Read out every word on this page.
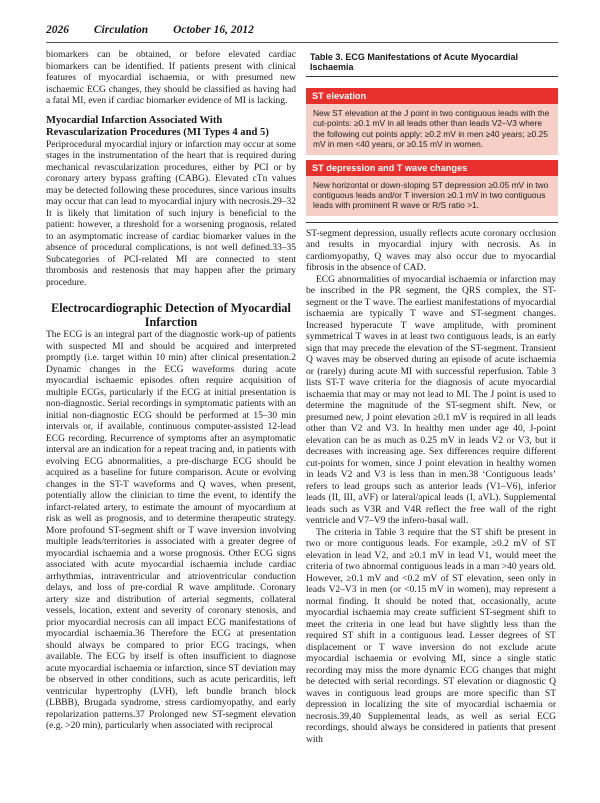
2026 Circulation October 16, 2012

biomarkers can be obtained, or before elevated cardiac biomarkers can be identified. If patients present with clinical features of myocardial ischaemia, or with presumed new ischaemic ECG changes, they should be classified as having had a fatal MI, even if cardiac biomarker evidence of MI is lacking.

Myocardial Infarction Associated With Revascularization Procedures (MI Types 4 and 5)

Periprocedural myocardial injury or infarction may occur at some stages in the instrumentation of the heart that is required during mechanical revascularization procedures, either by PCI or by coronary artery bypass grafting (CABG). Elevated cTn values may be detected following these procedures, since various insults may occur that can lead to myocardial injury with necrosis.29–32 It is likely that limitation of such injury is beneficial to the patient: however, a threshold for a worsening prognosis, related to an asymptomatic increase of cardiac biomarker values in the absence of procedural complications, is not well defined.33–35 Subcategories of PCI-related MI are connected to stent thrombosis and restenosis that may happen after the primary procedure.

Electrocardiographic Detection of Myocardial Infarction

The ECG is an integral part of the diagnostic work-up of patients with suspected MI and should be acquired and interpreted promptly (i.e. target within 10 min) after clinical presentation.2 Dynamic changes in the ECG waveforms during acute myocardial ischaemic episodes often require acquisition of multiple ECGs, particularly if the ECG at initial presentation is non-diagnostic. Serial recordings in symptomatic patients with an initial non-diagnostic ECG should be performed at 15–30 min intervals or, if available, continuous computer-assisted 12-lead ECG recording. Recurrence of symptoms after an asymptomatic interval are an indication for a repeat tracing and, in patients with evolving ECG abnormalities, a pre-discharge ECG should be acquired as a baseline for future comparison. Acute or evolving changes in the ST-T waveforms and Q waves, when present, potentially allow the clinician to time the event, to identify the infarct-related artery, to estimate the amount of myocardium at risk as well as prognosis, and to determine therapeutic strategy. More profound ST-segment shift or T wave inversion involving multiple leads/territories is associated with a greater degree of myocardial ischaemia and a worse prognosis. Other ECG signs associated with acute myocardial ischaemia include cardiac arrhythmias, intraventricular and atrioventricular conduction delays, and loss of pre-cordial R wave amplitude. Coronary artery size and distribution of arterial segments, collateral vessels, location, extent and severity of coronary stenosis, and prior myocardial necrosis can all impact ECG manifestations of myocardial ischaemia.36 Therefore the ECG at presentation should always be compared to prior ECG tracings, when available. The ECG by itself is often insufficient to diagnose acute myocardial ischaemia or infarction, since ST deviation may be observed in other conditions, such as acute pericarditis, left ventricular hypertrophy (LVH), left bundle branch block (LBBB), Brugada syndrome, stress cardiomyopathy, and early repolarization patterns.37 Prolonged new ST-segment elevation (e.g. >20 min), particularly when associated with reciprocal

Table 3. ECG Manifestations of Acute Myocardial Ischaemia
ST elevation
New ST elevation at the J point in two contiguous leads with the cut-points: ≥0.1 mV in all leads other than leads V2–V3 where the following cut points apply: ≥0.2 mV in men ≥40 years; ≥0.25 mV in men <40 years, or ≥0.15 mV in women.
ST depression and T wave changes
New horizontal or down-sloping ST depression ≥0.05 mV in two contiguous leads and/or T inversion ≥0.1 mV in two contiguous leads with prominent R wave or R/S ratio >1.

ST-segment depression, usually reflects acute coronary occlusion and results in myocardial injury with necrosis. As in cardiomyopathy, Q waves may also occur due to myocardial fibrosis in the absence of CAD.

ECG abnormalities of myocardial ischaemia or infarction may be inscribed in the PR segment, the QRS complex, the ST-segment or the T wave. The earliest manifestations of myocardial ischaemia are typically T wave and ST-segment changes. Increased hyperacute T wave amplitude, with prominent symmetrical T waves in at least two contiguous leads, is an early sign that may precede the elevation of the ST-segment. Transient Q waves may be observed during an episode of acute ischaemia or (rarely) during acute MI with successful reperfusion. Table 3 lists ST-T wave criteria for the diagnosis of acute myocardial ischaemia that may or may not lead to MI. The J point is used to determine the magnitude of the ST-segment shift. New, or presumed new, J point elevation ≥0.1 mV is required in all leads other than V2 and V3. In healthy men under age 40, J-point elevation can be as much as 0.25 mV in leads V2 or V3, but it decreases with increasing age. Sex differences require different cut-points for women, since J point elevation in healthy women in leads V2 and V3 is less than in men.38 ‘Contiguous leads’ refers to lead groups such as anterior leads (V1–V6), inferior leads (II, III, aVF) or lateral/apical leads (I, aVL). Supplemental leads such as V3R and V4R reflect the free wall of the right ventricle and V7–V9 the infero-basal wall.

The criteria in Table 3 require that the ST shift be present in two or more contiguous leads. For example, ≥0.2 mV of ST elevation in lead V2, and ≥0.1 mV in lead V1, would meet the criteria of two abnormal contiguous leads in a man >40 years old. However, ≥0.1 mV and <0.2 mV of ST elevation, seen only in leads V2–V3 in men (or <0.15 mV in women), may represent a normal finding. It should be noted that, occasionally, acute myocardial ischaemia may create sufficient ST-segment shift to meet the criteria in one lead but have slightly less than the required ST shift in a contiguous lead. Lesser degrees of ST displacement or T wave inversion do not exclude acute myocardial ischaemia or evolving MI, since a single static recording may miss the more dynamic ECG changes that might be detected with serial recordings. ST elevation or diagnostic Q waves in contiguous lead groups are more specific than ST depression in localizing the site of myocardial ischaemia or necrosis.39,40 Supplemental leads, as well as serial ECG recordings, should always be considered in patients that present with
